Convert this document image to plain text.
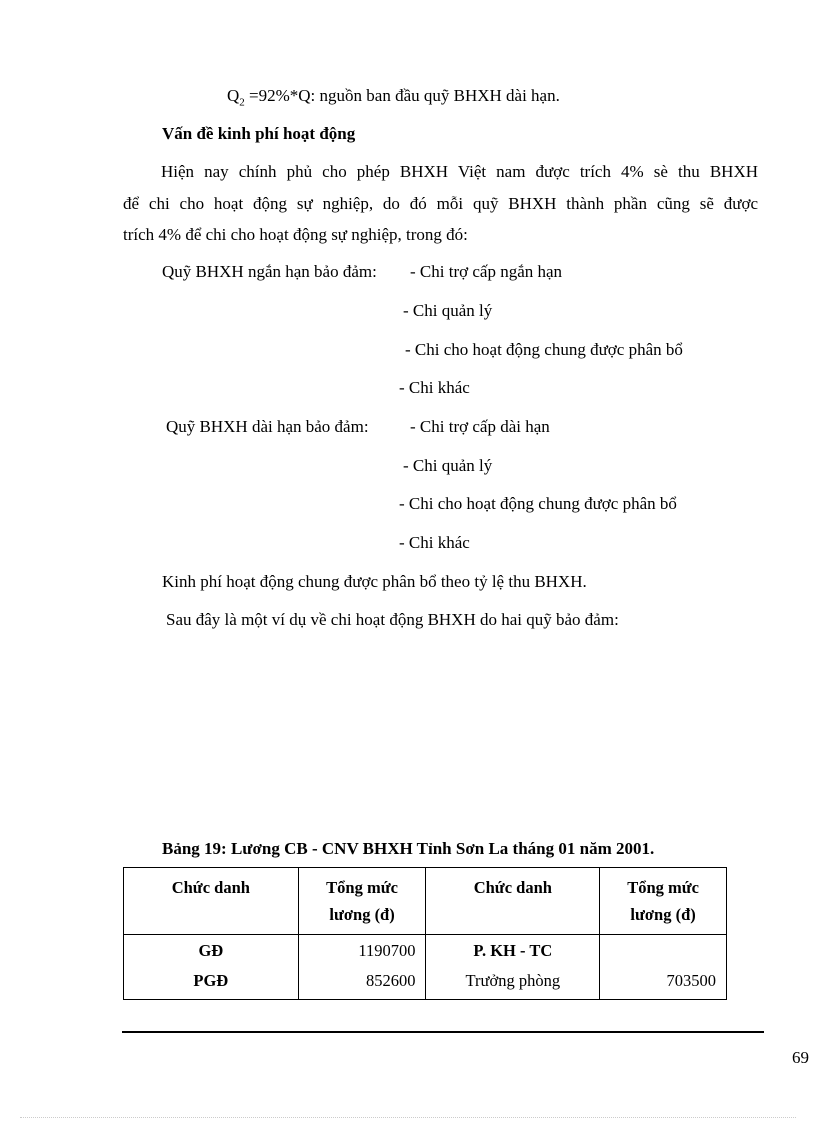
$Q_2 =92\%*Q$: nguồn ban đầu quỹ BHXH dài hạn.
Vấn đề kinh phí hoạt động
Hiện nay chính phủ cho phép BHXH Việt nam được trích 4% sè thu BHXH
để chi cho hoạt động sự nghiệp, do đó mỗi quỹ BHXH thành phần cũng sẽ được
trích 4% để chi cho hoạt động sự nghiệp, trong đó:
Quỹ BHXH ngắn hạn bảo đảm: - Chi trợ cấp ngắn hạn
- Chi quản lý
- Chi cho hoạt động chung được phân bổ
- Chi khác
Quỹ BHXH dài hạn bảo đảm: - Chi trợ cấp dài hạn
- Chi quản lý
- Chi cho hoạt động chung được phân bổ
- Chi khác
Kinh phí hoạt động chung được phân bổ theo tỷ lệ thu BHXH.
Sau đây là một ví dụ về chi hoạt động BHXH do hai quỹ bảo đảm:
Bảng 19: Lương CB - CNV BHXH Tỉnh Sơn La tháng 01 năm 2001.
Chức danh	Tổng mức lương (đ)	Chức danh	Tổng mức lương (đ)
GĐ	1190700	P. KH - TC	
PGĐ	852600	Trưởng phòng	703500
69
